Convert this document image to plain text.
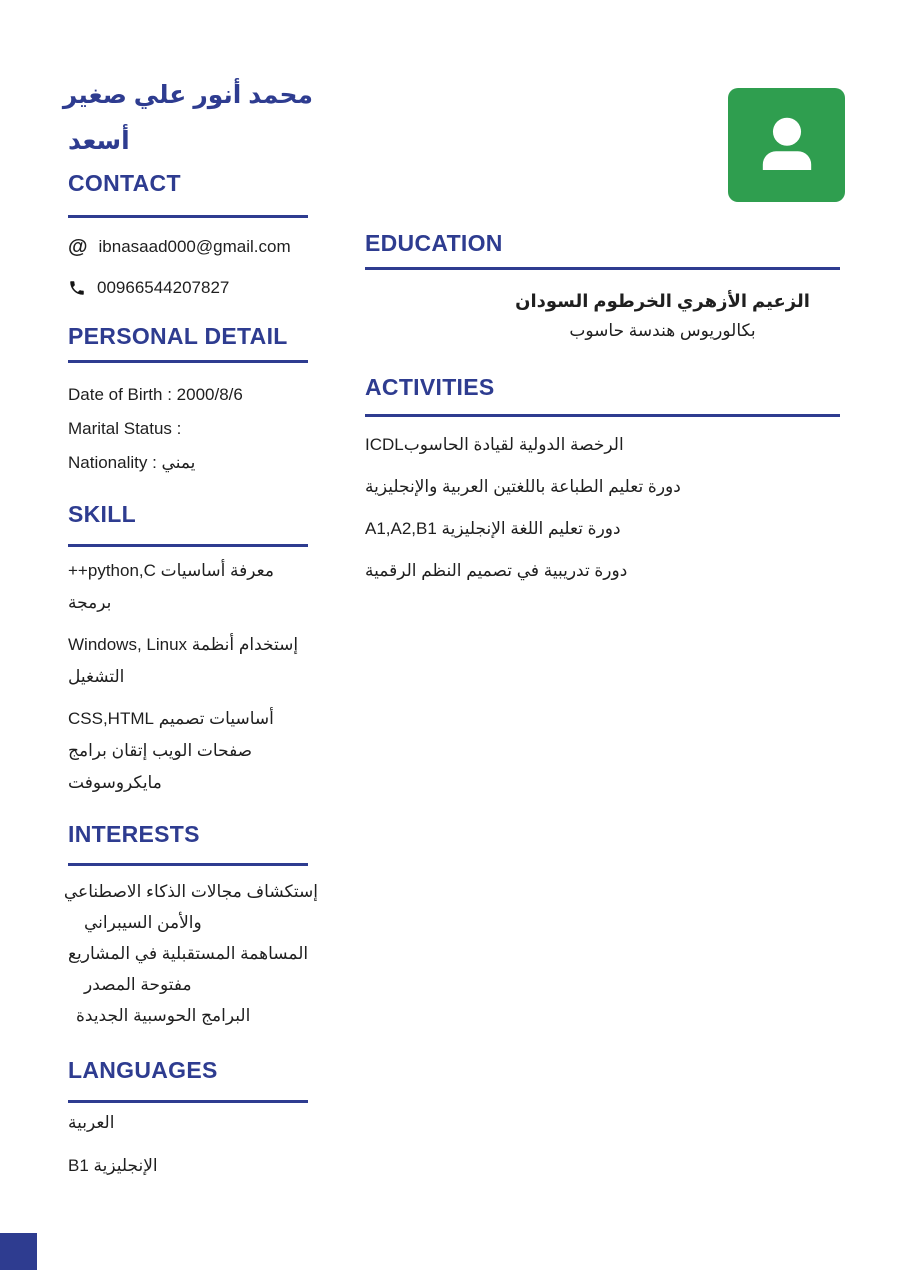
محمد أنور علي صغير
أسعد
CONTACT
@ ibnasaad000@gmail.com
00966544207827
PERSONAL DETAIL
Date of Birth : 2000/8/6
Marital Status :
Nationality : يمني
SKILL
معرفة أساسيات python,C++
برمجة
إستخدام أنظمة Windows, Linux
التشغيل
أساسيات تصميم CSS,HTML
صفحات الويب إتقان برامج
مايكروسوفت
INTERESTS
إستكشاف مجالات الذكاء الاصطناعي
والأمن السيبراني
المساهمة المستقبلية في المشاريع
مفتوحة المصدر
البرامج الحوسبية الجديدة
LANGUAGES
العربية
الإنجليزية B1
EDUCATION
الزعيم الأزهري الخرطوم السودان
بكالوريوس هندسة حاسوب
ACTIVITIES
الرخصة الدولية لقيادة الحاسوبICDL
دورة تعليم الطباعة باللغتين العربية والإنجليزية
دورة تعليم اللغة الإنجليزية A1,A2,B1
دورة تدريبية في تصميم النظم الرقمية
